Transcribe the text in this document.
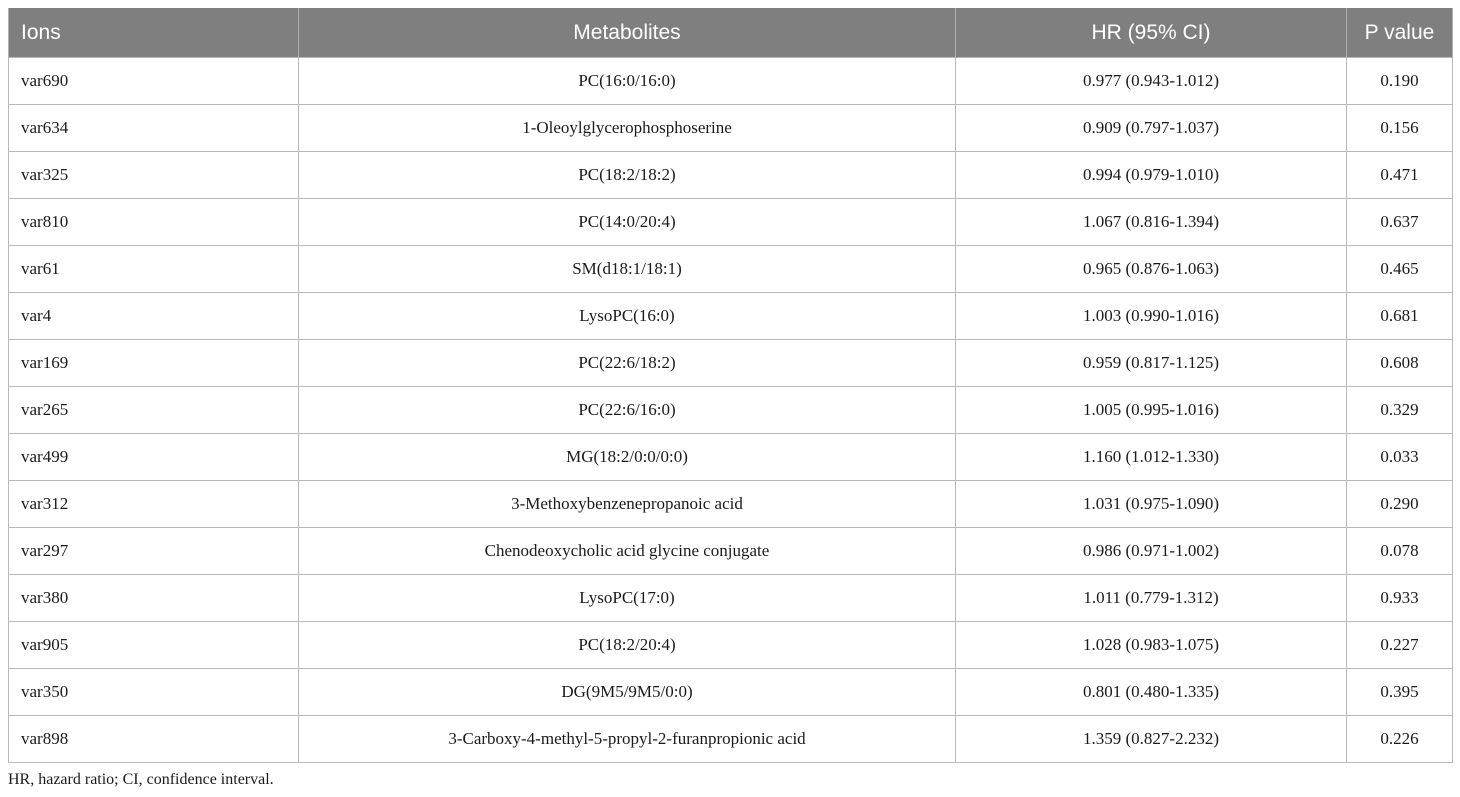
Ions	Metabolites	HR (95% CI)	P value
var690	PC(16:0/16:0)	0.977 (0.943-1.012)	0.190
var634	1-Oleoylglycerophosphoserine	0.909 (0.797-1.037)	0.156
var325	PC(18:2/18:2)	0.994 (0.979-1.010)	0.471
var810	PC(14:0/20:4)	1.067 (0.816-1.394)	0.637
var61	SM(d18:1/18:1)	0.965 (0.876-1.063)	0.465
var4	LysoPC(16:0)	1.003 (0.990-1.016)	0.681
var169	PC(22:6/18:2)	0.959 (0.817-1.125)	0.608
var265	PC(22:6/16:0)	1.005 (0.995-1.016)	0.329
var499	MG(18:2/0:0/0:0)	1.160 (1.012-1.330)	0.033
var312	3-Methoxybenzenepropanoic acid	1.031 (0.975-1.090)	0.290
var297	Chenodeoxycholic acid glycine conjugate	0.986 (0.971-1.002)	0.078
var380	LysoPC(17:0)	1.011 (0.779-1.312)	0.933
var905	PC(18:2/20:4)	1.028 (0.983-1.075)	0.227
var350	DG(9M5/9M5/0:0)	0.801 (0.480-1.335)	0.395
var898	3-Carboxy-4-methyl-5-propyl-2-furanpropionic acid	1.359 (0.827-2.232)	0.226
HR, hazard ratio; CI, confidence interval.
